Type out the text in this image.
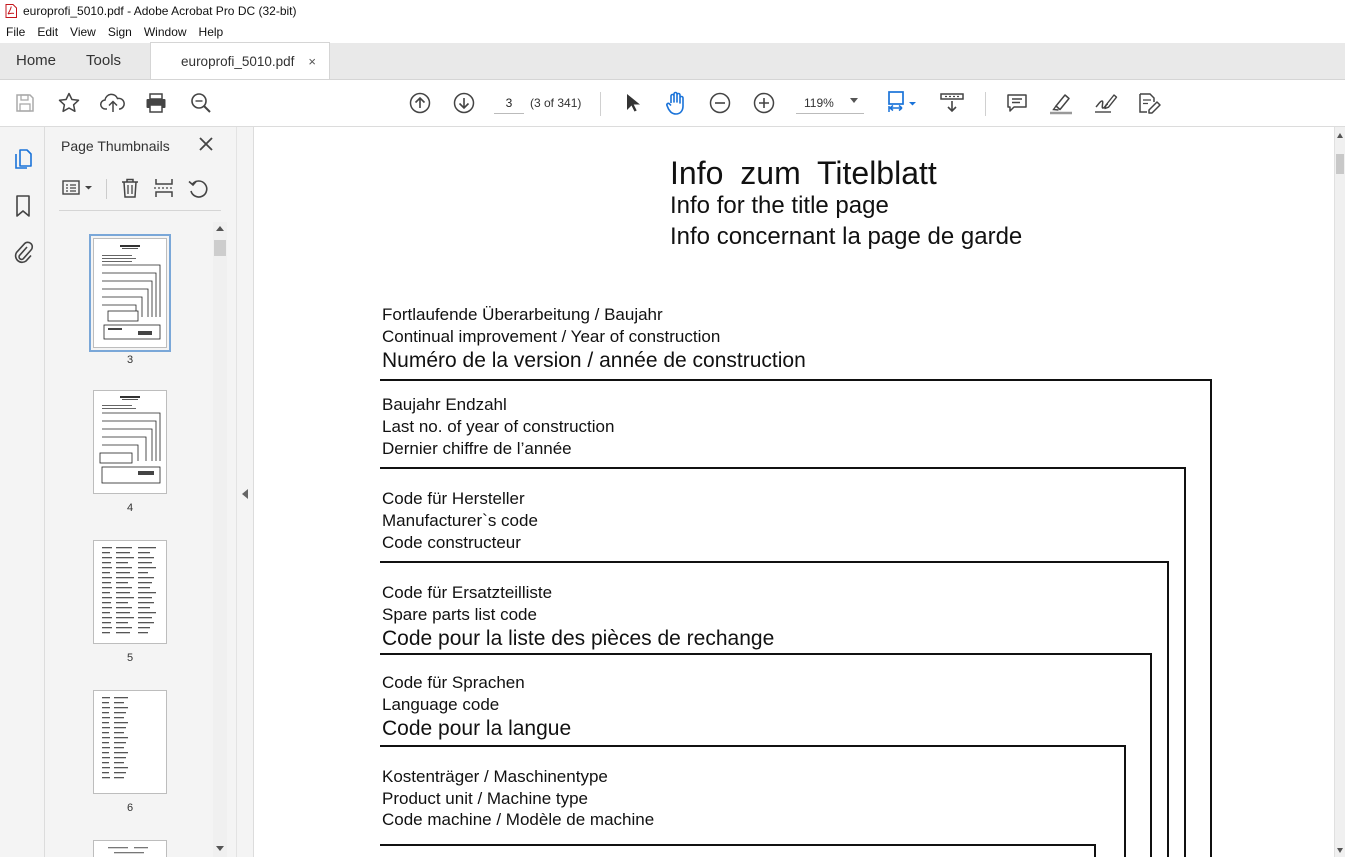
europrofi_5010.pdf - Adobe Acrobat Pro DC (32-bit)
File	Edit	View	Sign	Window	Help
Home	Tools	europrofi_5010.pdf ×
3
(3 of 341)	119%
Page Thumbnails
3
4
5
6
Info zum Titelblatt
Info for the title page
Info concernant la page de garde
Fortlaufende Überarbeitung / Baujahr
Continual improvement / Year of construction
Numéro de la version / année de construction
Baujahr Endzahl
Last no. of year of construction
Dernier chiffre de l’année
Code für Hersteller
Manufacturer`s code
Code constructeur
Code für Ersatzteilliste
Spare parts list code
Code pour la liste des pièces de rechange
Code für Sprachen
Language code
Code pour la langue
Kostenträger / Maschinentype
Product unit / Machine type
Code machine / Modèle de machine
